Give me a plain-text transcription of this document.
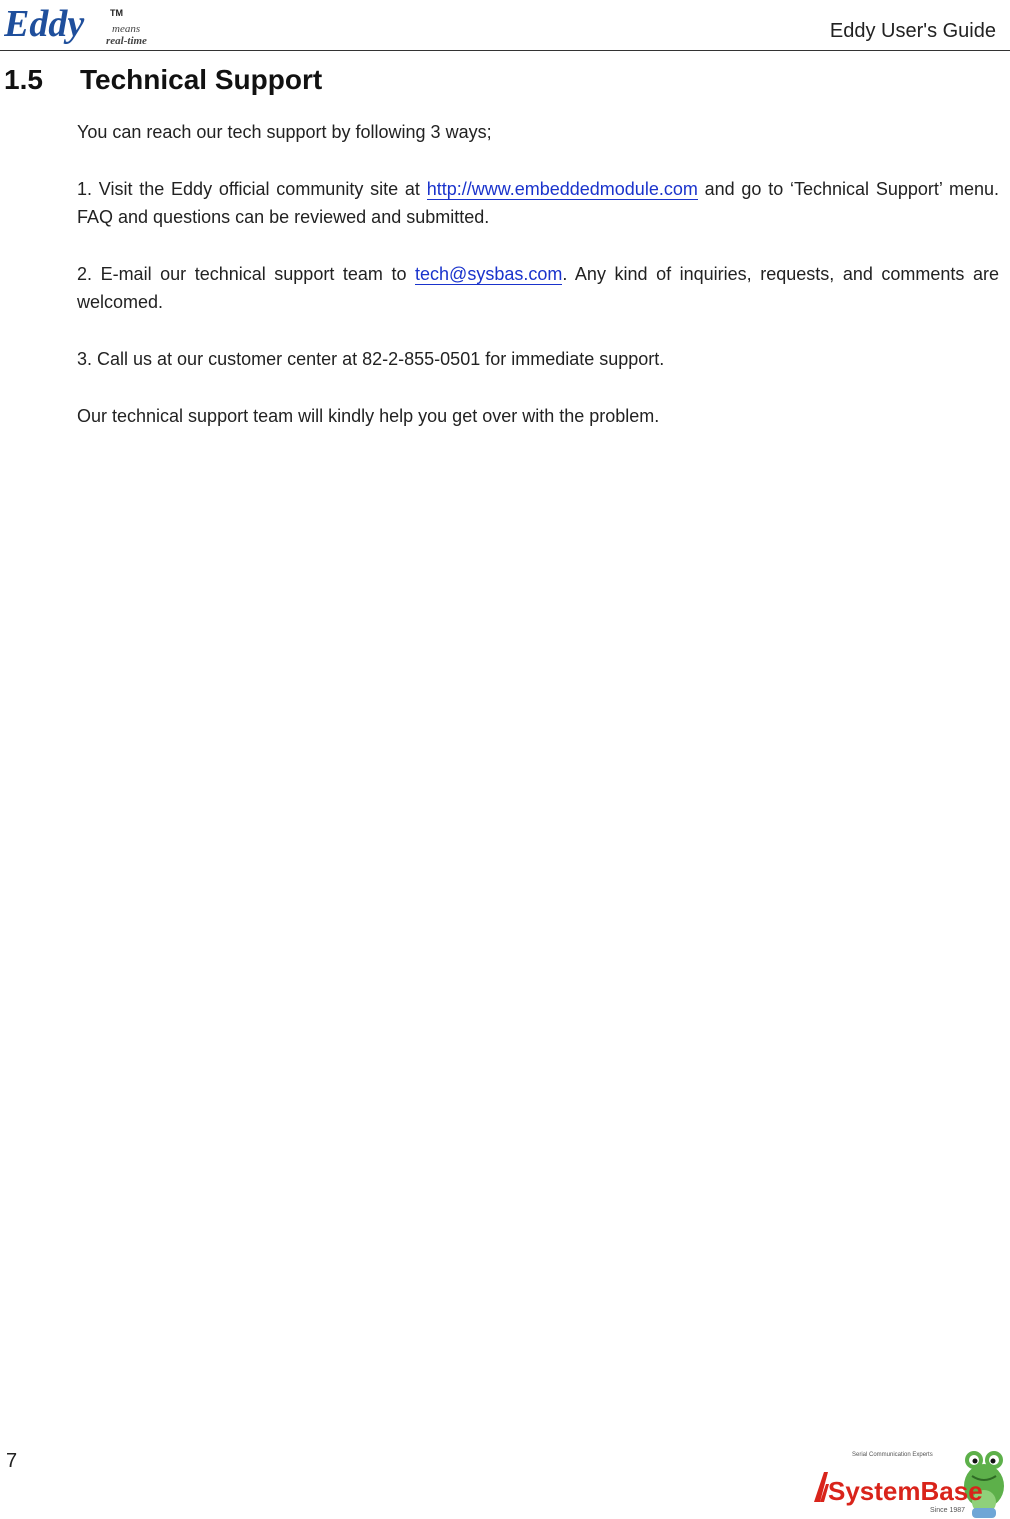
Eddy	TM
means
real-time	Eddy User's Guide
1.5 Technical Support

You can reach our tech support by following 3 ways;

1. Visit the Eddy official community site at http://www.embeddedmodule.com and go to ‘Technical Support’ menu. FAQ and questions can be reviewed and submitted.

2. E-mail our technical support team to tech@sysbas.com. Any kind of inquiries, requests, and comments are welcomed.

3. Call us at our customer center at 82-2-855-0501 for immediate support.

Our technical support team will kindly help you get over with the problem.

7	Serial Communication Experts
SystemBase
Since 1987
